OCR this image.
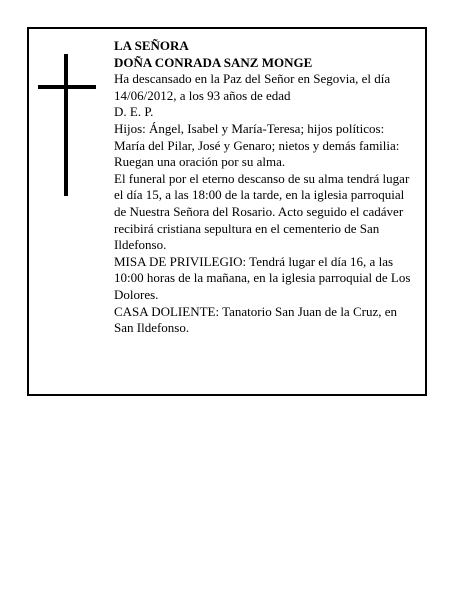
LA SEÑORA
DOÑA CONRADA SANZ MONGE
Ha descansado en la Paz del Señor en Segovia, el día 14/06/2012, a los 93 años de edad
D. E. P.
Hijos: Ángel, Isabel y María-Teresa; hijos políticos: María del Pilar, José y Genaro; nietos y demás familia:
Ruegan una oración por su alma.
El funeral por el eterno descanso de su alma tendrá lugar el día 15, a las 18:00 de la tarde, en la iglesia parroquial de Nuestra Señora del Rosario. Acto seguido el cadáver recibirá cristiana sepultura en el cementerio de San Ildefonso.
MISA DE PRIVILEGIO: Tendrá lugar el día 16, a las 10:00 horas de la mañana, en la iglesia parroquial de Los Dolores.
CASA DOLIENTE: Tanatorio San Juan de la Cruz, en San Ildefonso.
